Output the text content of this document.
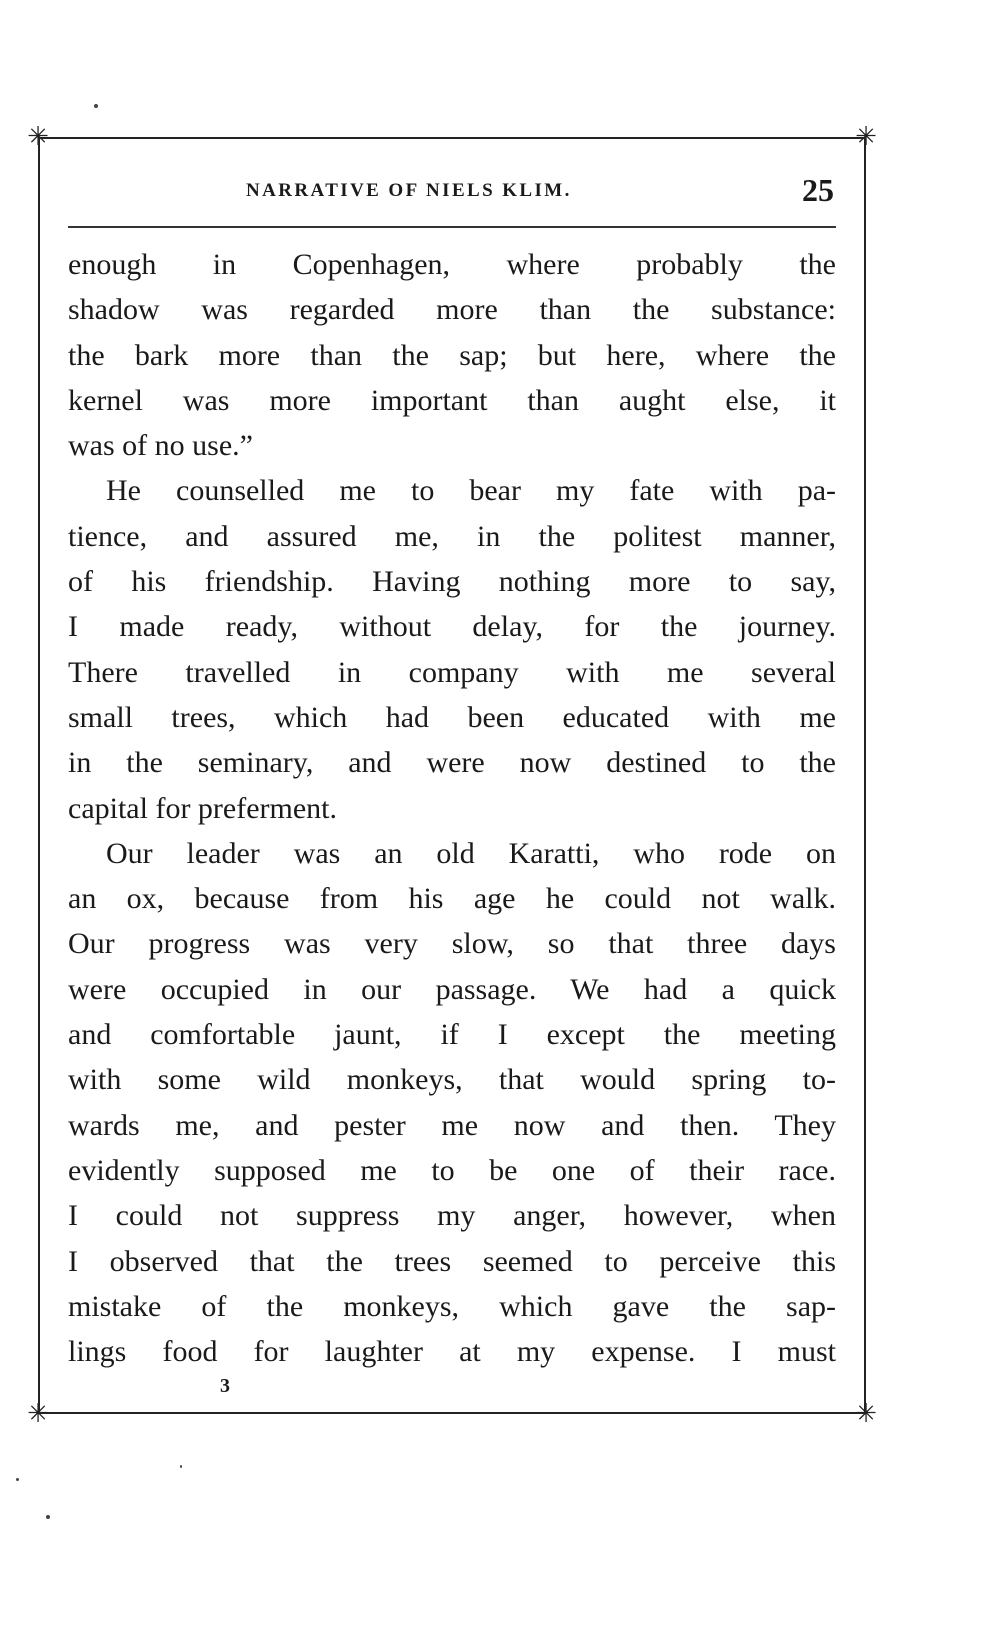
✳	✳
✳	✳
NARRATIVE OF NIELS KLIM.	25

enough in Copenhagen, where probably the
shadow was regarded more than the substance:
the bark more than the sap; but here, where the
kernel was more important than aught else, it
was of no use.”

He counselled me to bear my fate with pa-
tience, and assured me, in the politest manner,
of his friendship. Having nothing more to say,
I made ready, without delay, for the journey.
There travelled in company with me several
small trees, which had been educated with me
in the seminary, and were now destined to the
capital for preferment.

Our leader was an old Karatti, who rode on
an ox, because from his age he could not walk.
Our progress was very slow, so that three days
were occupied in our passage. We had a quick
and comfortable jaunt, if I except the meeting
with some wild monkeys, that would spring to-
wards me, and pester me now and then. They
evidently supposed me to be one of their race.
I could not suppress my anger, however, when
I observed that the trees seemed to perceive this
mistake of the monkeys, which gave the sap-
lings food for laughter at my expense. I must

3
